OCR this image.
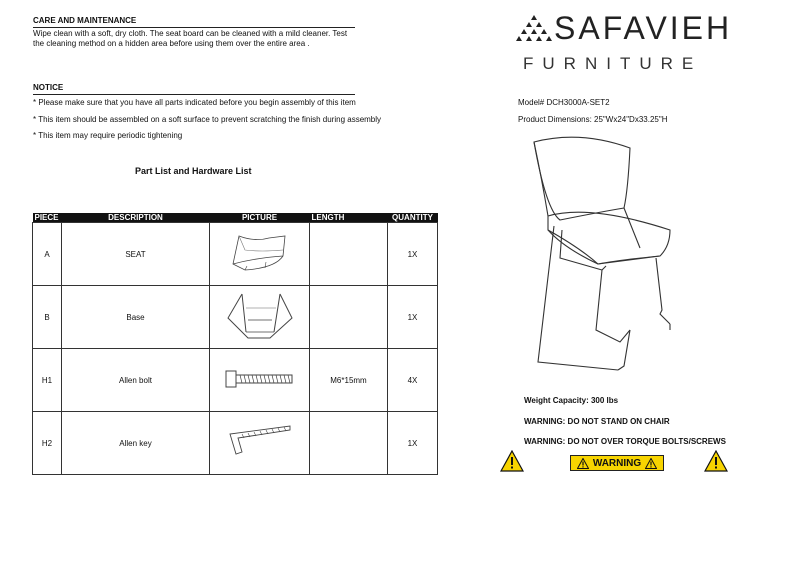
CARE AND MAINTENANCE
Wipe clean with a soft, dry cloth. The seat board can be cleaned with a mild cleaner. Test
the cleaning method on a hidden area before using them over the entire area .
NOTICE
* Please make sure that you have all parts indicated before you begin assembly of this item
* This item should be assembled on a soft surface to prevent scratching the finish during assembly
* This item may require periodic tightening
Part List and Hardware List
PIECE	DESCRIPTION	PICTURE	LENGTH	QUANTITY
A	SEAT			1X
B	Base			1X
H1	Allen bolt		M6*15mm	4X
H2	Allen key			1X
SAFAVIEH
FURNITURE
Model# DCH3000A-SET2
Product Dimensions: 25"Wx24"Dx33.25"H
Weight Capacity: 300 lbs
WARNING: DO NOT STAND ON CHAIR
WARNING: DO NOT OVER TORQUE BOLTS/SCREWS
WARNING
